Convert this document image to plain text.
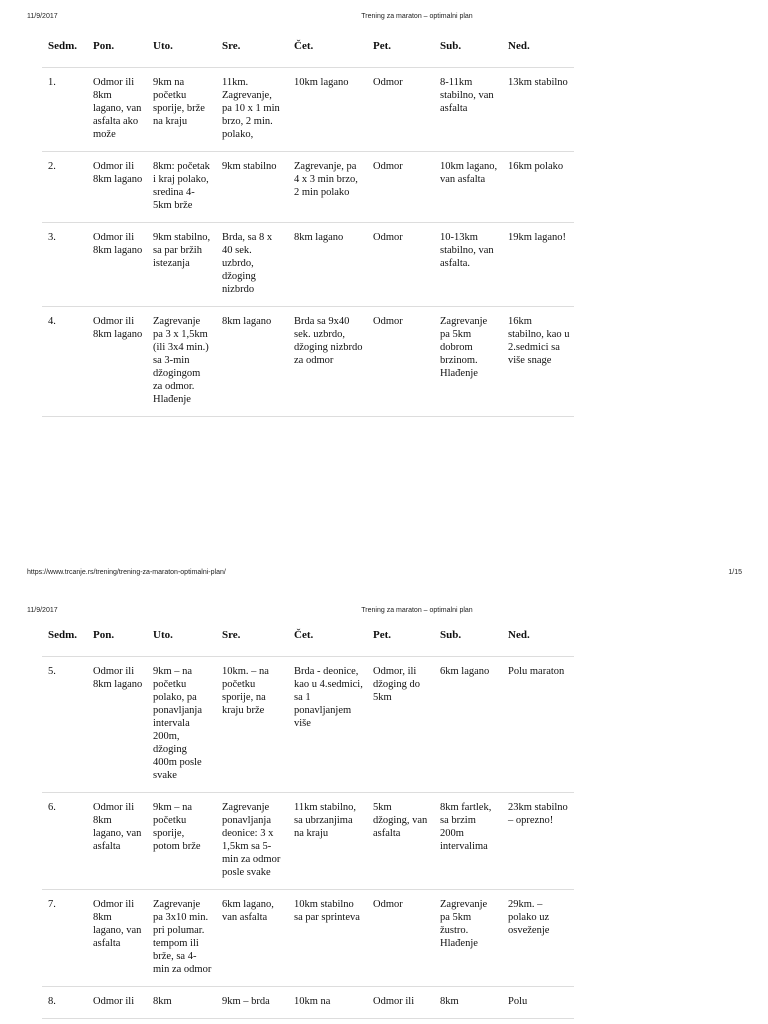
11/9/2017	Trening za maraton – optimalni plan
Sedm.	Pon.	Uto.	Sre.	Čet.	Pet.	Sub.	Ned.
1.	Odmor ili 8km lagano, van asfalta ako može	9km na početku sporije, brže na kraju	11km. Zagrevanje, pa 10 x 1 min brzo, 2 min. polako,	10km lagano	Odmor	8-11km stabilno, van asfalta	13km stabilno
2.	Odmor ili 8km lagano	8km: početak i kraj polako, sredina 4-5km brže	9km stabilno	Zagrevanje, pa 4 x 3 min brzo, 2 min polako	Odmor	10km lagano, van asfalta	16km polako
3.	Odmor ili 8km lagano	9km stabilno, sa par bržih istezanja	Brda, sa 8 x 40 sek. uzbrdo, džoging nizbrdo	8km lagano	Odmor	10-13km stabilno, van asfalta.	19km lagano!
4.	Odmor ili 8km lagano	Zagrevanje pa 3 x 1,5km (ili 3x4 min.) sa 3-min džogingom za odmor. Hlađenje	8km lagano	Brda sa 9x40 sek. uzbrdo, džoging nizbrdo za odmor	Odmor	Zagrevanje pa 5km dobrom brzinom. Hlađenje	16km stabilno, kao u 2.sedmici sa više snage
https://www.trcanje.rs/trening/trening-za-maraton-optimalni-plan/	1/15
11/9/2017	Trening za maraton – optimalni plan
Sedm.	Pon.	Uto.	Sre.	Čet.	Pet.	Sub.	Ned.
5.	Odmor ili 8km lagano	9km – na početku polako, pa ponavljanja intervala 200m, džoging 400m posle svake	10km. – na početku sporije, na kraju brže	Brda - deonice, kao u 4.sedmici, sa 1 ponavljanjem više	Odmor, ili džoging do 5km	6km lagano	Polu maraton
6.	Odmor ili 8km lagano, van asfalta	9km – na početku sporije, potom brže	Zagrevanje ponavljanja deonice: 3 x 1,5km sa 5-min za odmor posle svake	11km stabilno, sa ubrzanjima na kraju	5km džoging, van asfalta	8km fartlek, sa brzim 200m intervalima	23km stabilno – oprezno!
7.	Odmor ili 8km lagano, van asfalta	Zagrevanje pa 3x10 min. pri polumar. tempom ili brže, sa 4-min za odmor	6km lagano, van asfalta	10km stabilno sa par sprinteva	Odmor	Zagrevanje pa 5km žustro. Hlađenje	29km. – polako uz osveženje
8.	Odmor ili	8km	9km – brda	10km na	Odmor ili	8km	Polu
